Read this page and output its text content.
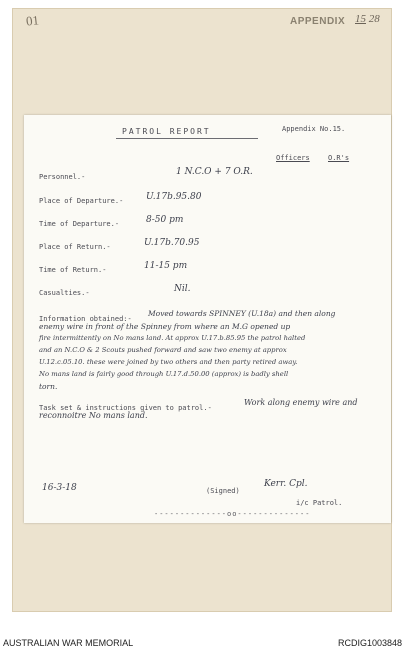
01	APPENDIX 15 28
Appendix No.15.
PATROL REPORT
Officers	O.R's
Personnel.-	1 N.C.O + 7 O.R.
Place of Departure.-	U.17b.95.80
Time of Departure.-	8-50 pm
Place of Return.-	U.17b.70.95
Time of Return.-	11-15 pm
Casualties.-	Nil.
Information obtained:-
Moved towards SPINNEY (U.18a) and then along
enemy wire in front of the Spinney from where an M.G opened up
fire intermittently on No mans land. At approx U.17.b.85.95 the patrol halted
and an N.C.O & 2 Scouts pushed forward and saw two enemy at approx
U.12.c.05.10. these were joined by two others and then party retired away.
No mans land is fairly good through U.17.d.50.00 (approx) is badly shell
torn.
Task set & instructions given to patrol.-
Work along enemy wire and
reconnoitre No mans land.
16-3-18	(Signed)
Kerr. Cpl.
i/c Patrol.
--------------oo--------------
AUSTRALIAN WAR MEMORIAL	RCDIG1003848
